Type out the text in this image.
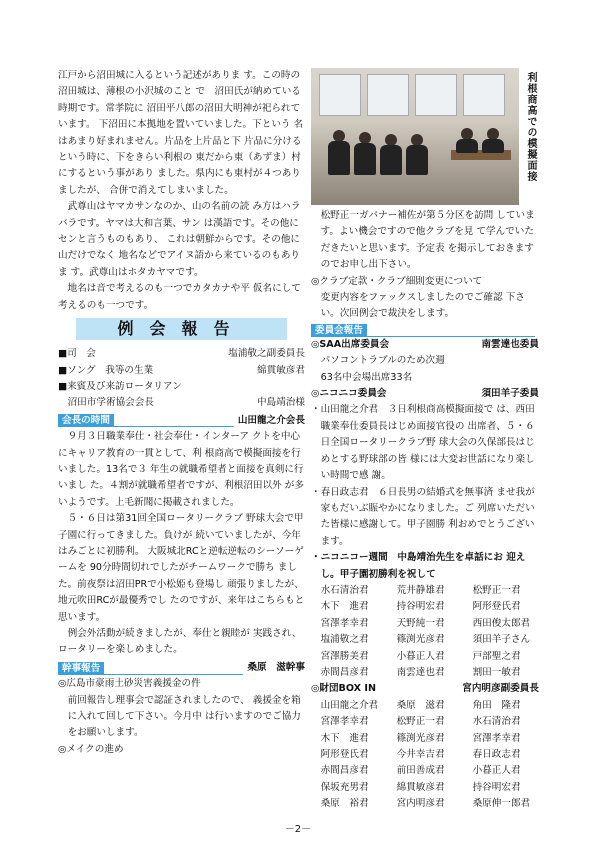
江戸から沼田城に入るという記述がありま す。この時の沼田城は、薄根の小沢城のこと で　沼田氏が納めている時期です。常孝院に 沼田平八郎の沼田大明神が祀られています。 下沼田に本拠地を置いていました。下という 名はあまり好まれません。片品を上片品と下 片品に分けるという時に、下をきらい利根の 東だから東（あずま）村にするという事があり ました。県内にも東村が４つありましたが、 合併で消えてしまいました。

武尊山はヤマカサンなのか、山の名前の読 み方はハラバラです。ヤマは大和言葉、サン は漢語です。その他にセンと言うものもあり、 これは朝鮮からです。その他に山だけでなく 地名などでアイヌ語から来ているのもありま す。武尊山はホタカヤマです。

地名は音で考えるのも一つでカタカナや平 仮名にして考えるのも一つです。

例会報告
■司　会	塩浦敬之副委員長
■ソング　我等の生業	綿貫敏彦君
■来賓及び来訪ロータリアン
　沼田市学術協会会長	中島靖治様
会長の時間	山田龍之介会長

９月３日職業奉仕・社会奉仕・インターア クトを中心にキャリア教育の一貫として、利 根商高で模擬面接を行いました。13名で３ 年生の就職希望者と面接を真剣に行いまし た。４割が就職希望者ですが、利根沼田以外 が多いようです。上毛新聞に掲載されました。

５・６日は第31回全国ロータリークラブ 野球大会で甲子園に行ってきました。負けが 続いていましたが、今年はみごとに初勝利。 大阪城北RCと逆転逆転のシーソーゲームを 90分時間切れでしたがチームワークで勝ち ました。前夜祭は沼田PRで小松姫も登場し 頑張りましたが、地元吹田RCが最優秀でし たのですが、来年はこちらもと思います。

例会外活動が続きましたが、奉仕と親睦が 実践され、ロータリーを楽しめました。

幹事報告	桑原　滋幹事
◎広島市豪雨土砂災害義援金の件
前回報告し理事会で認証されましたので、 義援金を箱に入れて回して下さい。今月中 は行いますのでご協力をお願いします。
◎メイクの進め
利根商高での模擬面接
松野正一ガバナー補佐が第５分区を訪問 しています。よい機会ですので他クラブを見 て学んでいただきたいと思います。予定表 を掲示しておきますのでお申し出下さい。
◎クラブ定款・クラブ細則変更について
変更内容をファックスしましたのでご確認 下さい。次回例会で裁決をします。
委員会報告
◎SAA出席委員会	南雲達也委員
パソコントラブルのため次週
63名中会場出席33名
◎ニコニコ委員会	須田羊子委員
・山田龍之介君　３日利根商高模擬面接で は、西田職業奉仕委員長はじめ面接官役の 出席者、５・６日全国ロータリークラブ野 球大会の久保部長はじめとする野球部の皆 様には大変お世話になり楽しい時間で感 謝。
・春日政志君　６日長男の結婚式を無事済 ませ我が家もだいぶ賑やかになりました。ご 列席いただいた皆様に感謝して。甲子園勝 利おめでとうございます。
・ニコニコー週間　中島靖治先生を卓話にお 迎えし。甲子園初勝利を祝して
水石清治君	荒井静雄君	松野正一君
木下　進君	持谷明宏君	阿形登氏君
宮澤孝幸君	天野純一君	西田俊太郎君
塩浦敬之君	篠渕光彦君	須田羊子さん
宮澤勝美君	小暮正人君	戸部聖之君
赤間昌彦君	南雲達也君	割田一敏君
◎財団BOX IN	宮内明彦副委員長
山田龍之介君	桑原　滋君	角田　隆君
宮澤孝幸君	松野正一君	水石清治君
木下　進君	篠渕光彦君	宮澤孝幸君
阿形登氏君	今井幸吉君	春日政志君
赤間昌彦君	前田善成君	小暮正人君
保坂充男君	綿貫敏彦君	持谷明宏君
桑原　裕君	宮内明彦君	桑原伸一郎君
－2－
